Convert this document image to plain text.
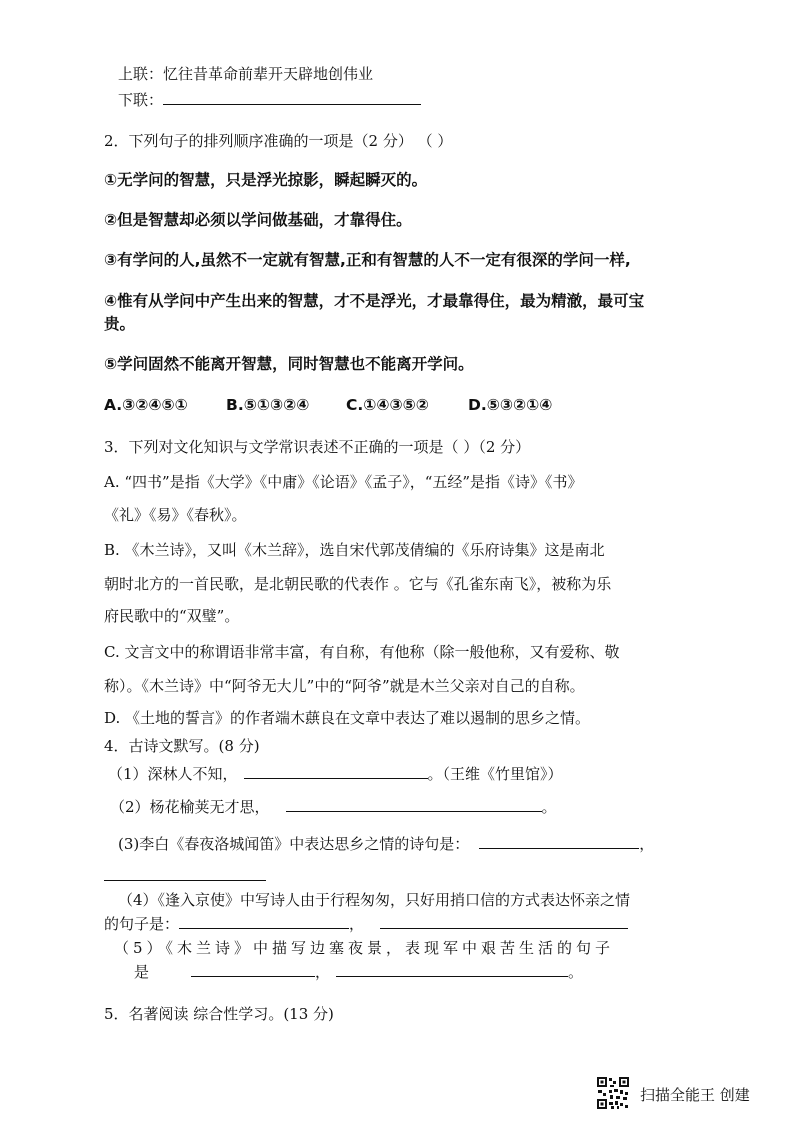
上联：忆往昔革命前辈开天辟地创伟业
下联：
2．下列句子的排列顺序准确的一项是（2 分） （ ）
①无学问的智慧，只是浮光掠影，瞬起瞬灭的。
②但是智慧却必须以学问做基础，才靠得住。
③有学问的人,虽然不一定就有智慧,正和有智慧的人不一定有很深的学问一样,
④惟有从学问中产生出来的智慧，才不是浮光，才最靠得住，最为精澈，最可宝
贵。
⑤学问固然不能离开智慧，同时智慧也不能离开学问。
A.③②④⑤① B.⑤①③②④ C.①④③⑤②	D.⑤③②①④
3．下列对文化知识与文学常识表述不正确的一项是（ ）（2 分）
A. “四书”是指《大学》《中庸》《论语》《孟子》，“五经”是指《诗》《书》
《礼》《易》《春秋》。
B. 《木兰诗》，又叫《木兰辞》，选自宋代郭茂倩编的《乐府诗集》这是南北
朝时北方的一首民歌，是北朝民歌的代表作 。它与《孔雀东南飞》，被称为乐
府民歌中的“双璧”。
C. 文言文中的称谓语非常丰富，有自称，有他称（除一般他称，又有爱称、敬
称）。《木兰诗》中“阿爷无大儿”中的“阿爷”就是木兰父亲对自己的自称。
D. 《土地的誓言》的作者端木蕻良在文章中表达了难以遏制的思乡之情。
4．古诗文默写。(8 分)
（1）深林人不知，	。（王维《竹里馆》）
（2）杨花榆荚无才思，	。
(3)李白《春夜洛城闻笛》中表达思乡之情的诗句是：	，
（4）《逢入京使》中写诗人由于行程匆匆，只好用捎口信的方式表达怀亲之情
的句子是：	，
（5）《木兰诗》中描写边塞夜景，表现军中艰苦生活的句子
是	，	。
5．名著阅读 综合性学习。(13 分)
扫描全能王 创建
